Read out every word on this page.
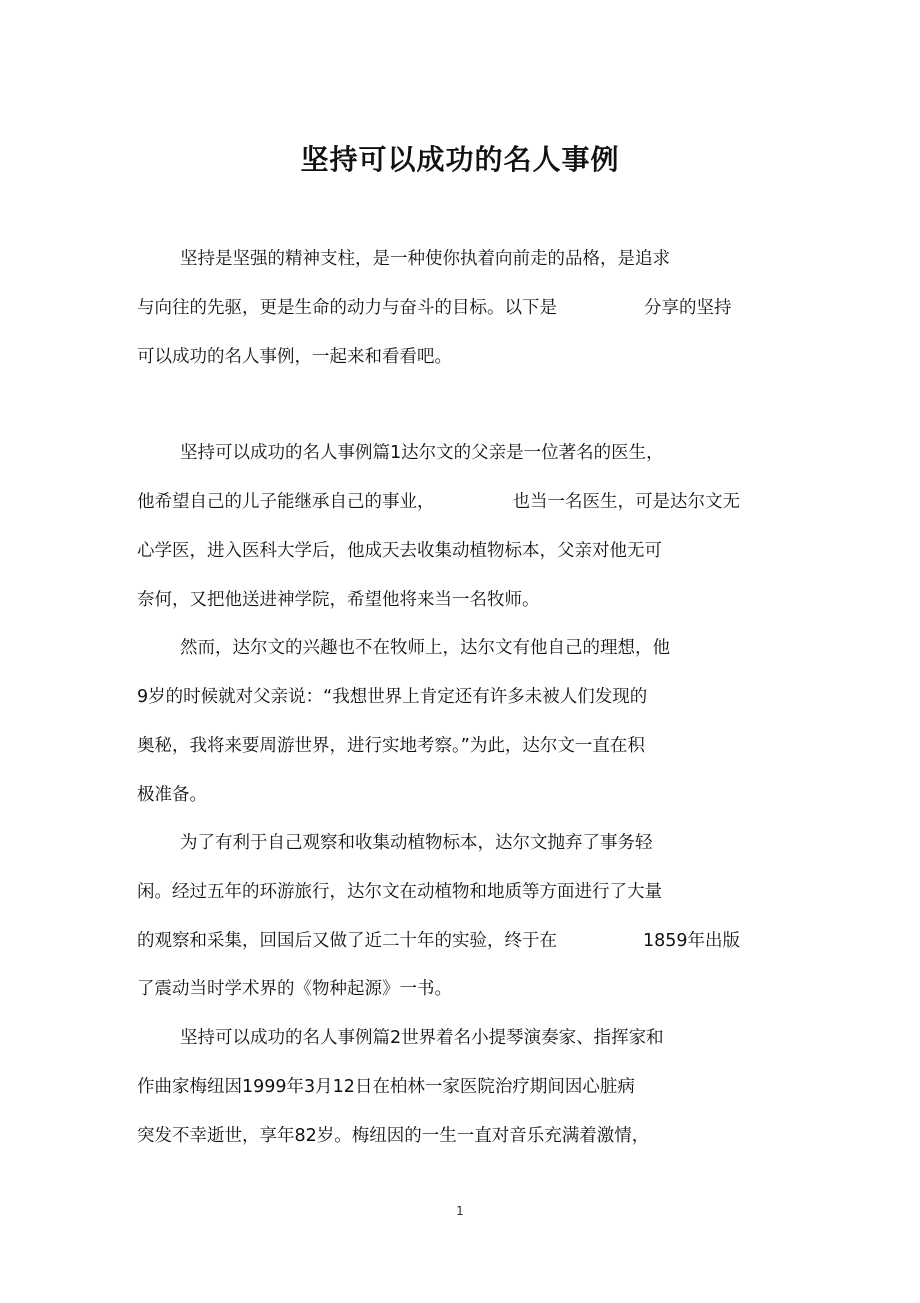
坚持可以成功的名人事例
坚持是坚强的精神支柱，是一种使你执着向前走的品格，是追求
与向往的先驱，更是生命的动力与奋斗的目标。以下是	分享的坚持
可以成功的名人事例，一起来和看看吧。
坚持可以成功的名人事例篇1达尔文的父亲是一位著名的医生，
他希望自己的儿子能继承自己的事业，	也当一名医生，可是达尔文无
心学医，进入医科大学后，他成天去收集动植物标本，父亲对他无可
奈何，又把他送进神学院，希望他将来当一名牧师。
然而，达尔文的兴趣也不在牧师上，达尔文有他自己的理想，他
9岁的时候就对父亲说：“我想世界上肯定还有许多未被人们发现的
奥秘，我将来要周游世界，进行实地考察。”为此，达尔文一直在积
极准备。
为了有利于自己观察和收集动植物标本，达尔文抛弃了事务轻
闲。经过五年的环游旅行，达尔文在动植物和地质等方面进行了大量
的观察和采集，回国后又做了近二十年的实验，终于在	1859年出版
了震动当时学术界的《物种起源》一书。
坚持可以成功的名人事例篇2世界着名小提琴演奏家、指挥家和
作曲家梅纽因1999年3月12日在柏林一家医院治疗期间因心脏病
突发不幸逝世，享年82岁。梅纽因的一生一直对音乐充满着激情，
1
